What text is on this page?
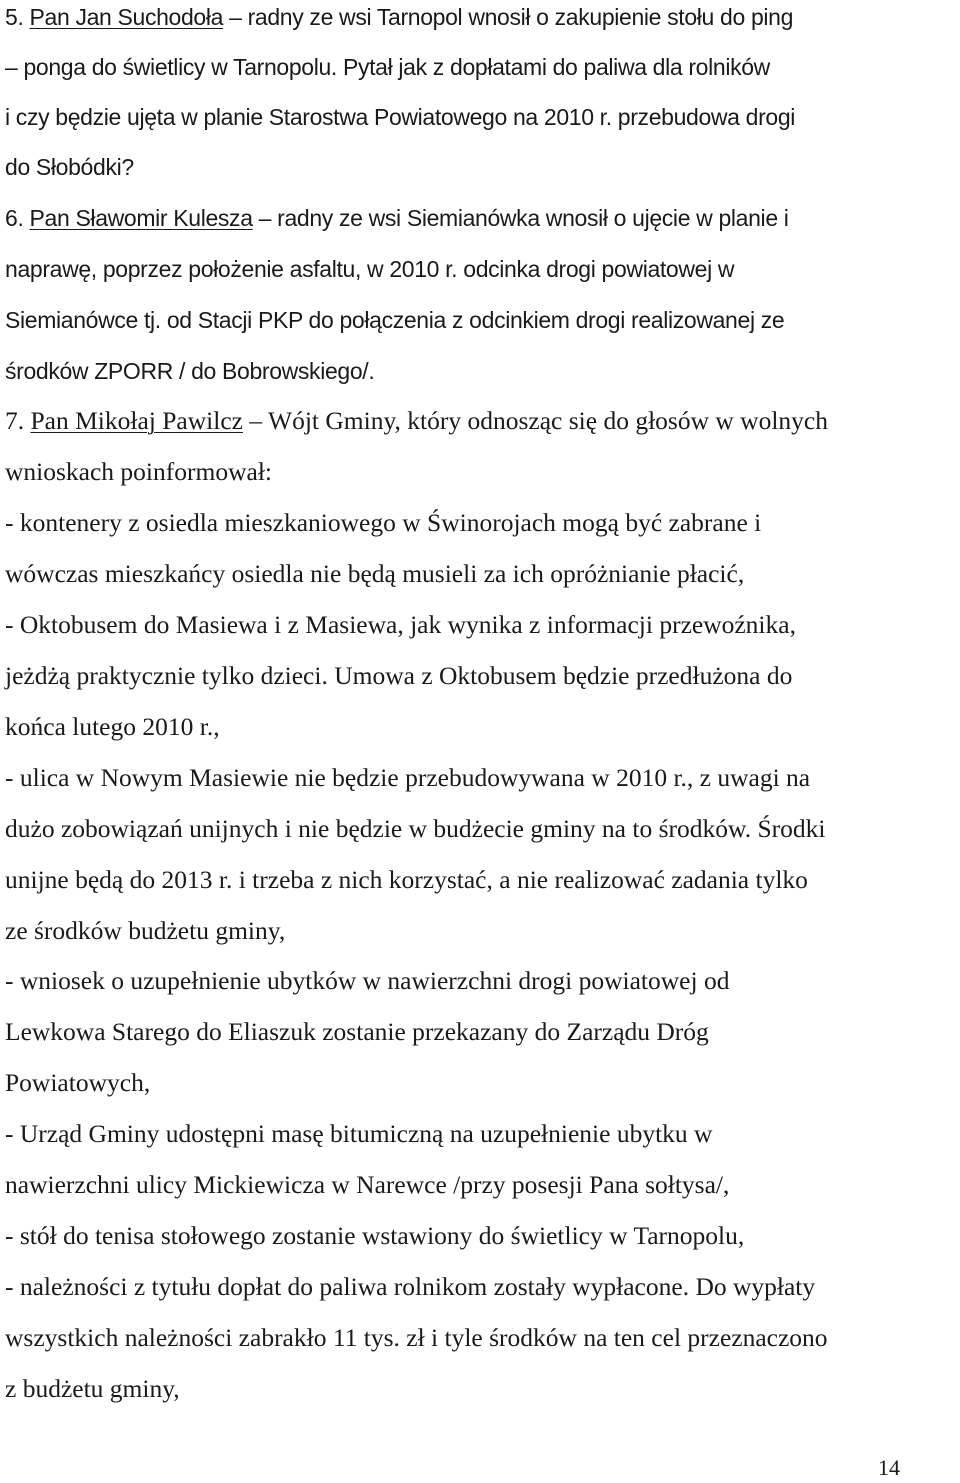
5. Pan Jan Suchodoła – radny ze wsi Tarnopol wnosił o zakupienie stołu do ping
– ponga do świetlicy w Tarnopolu. Pytał jak z dopłatami do paliwa dla rolników
i czy będzie ujęta w planie Starostwa Powiatowego na 2010 r. przebudowa drogi
do Słobódki?
6. Pan Sławomir Kulesza – radny ze wsi Siemianówka wnosił o ujęcie w planie i
naprawę, poprzez położenie asfaltu, w 2010 r. odcinka drogi powiatowej w
Siemianówce tj. od Stacji PKP do połączenia z odcinkiem drogi realizowanej ze
środków ZPORR / do Bobrowskiego/.
7. Pan Mikołaj Pawilcz – Wójt Gminy, który odnosząc się do głosów w wolnych
wnioskach poinformował:
- kontenery z osiedla mieszkaniowego w Świnorojach mogą być zabrane i
wówczas mieszkańcy osiedla nie będą musieli za ich opróżnianie płacić,
- Oktobusem do Masiewa i z Masiewa, jak wynika z informacji przewoźnika,
jeżdżą praktycznie tylko dzieci. Umowa z Oktobusem będzie przedłużona do
końca lutego 2010 r.,
- ulica w Nowym Masiewie nie będzie przebudowywana w 2010 r., z uwagi na
dużo zobowiązań unijnych i nie będzie w budżecie gminy na to środków. Środki
unijne będą do 2013 r. i trzeba z nich korzystać, a nie realizować zadania tylko
ze środków budżetu gminy,
- wniosek o uzupełnienie ubytków w nawierzchni drogi powiatowej od
Lewkowa Starego do Eliaszuk zostanie przekazany do Zarządu Dróg
Powiatowych,
- Urząd Gminy udostępni masę bitumiczną na uzupełnienie ubytku w
nawierzchni ulicy Mickiewicza w Narewce /przy posesji Pana sołtysa/,
- stół do tenisa stołowego zostanie wstawiony do świetlicy w Tarnopolu,
- należności z tytułu dopłat do paliwa rolnikom zostały wypłacone. Do wypłaty
wszystkich należności zabrakło 11 tys. zł i tyle środków na ten cel przeznaczono
z budżetu gminy,
14
